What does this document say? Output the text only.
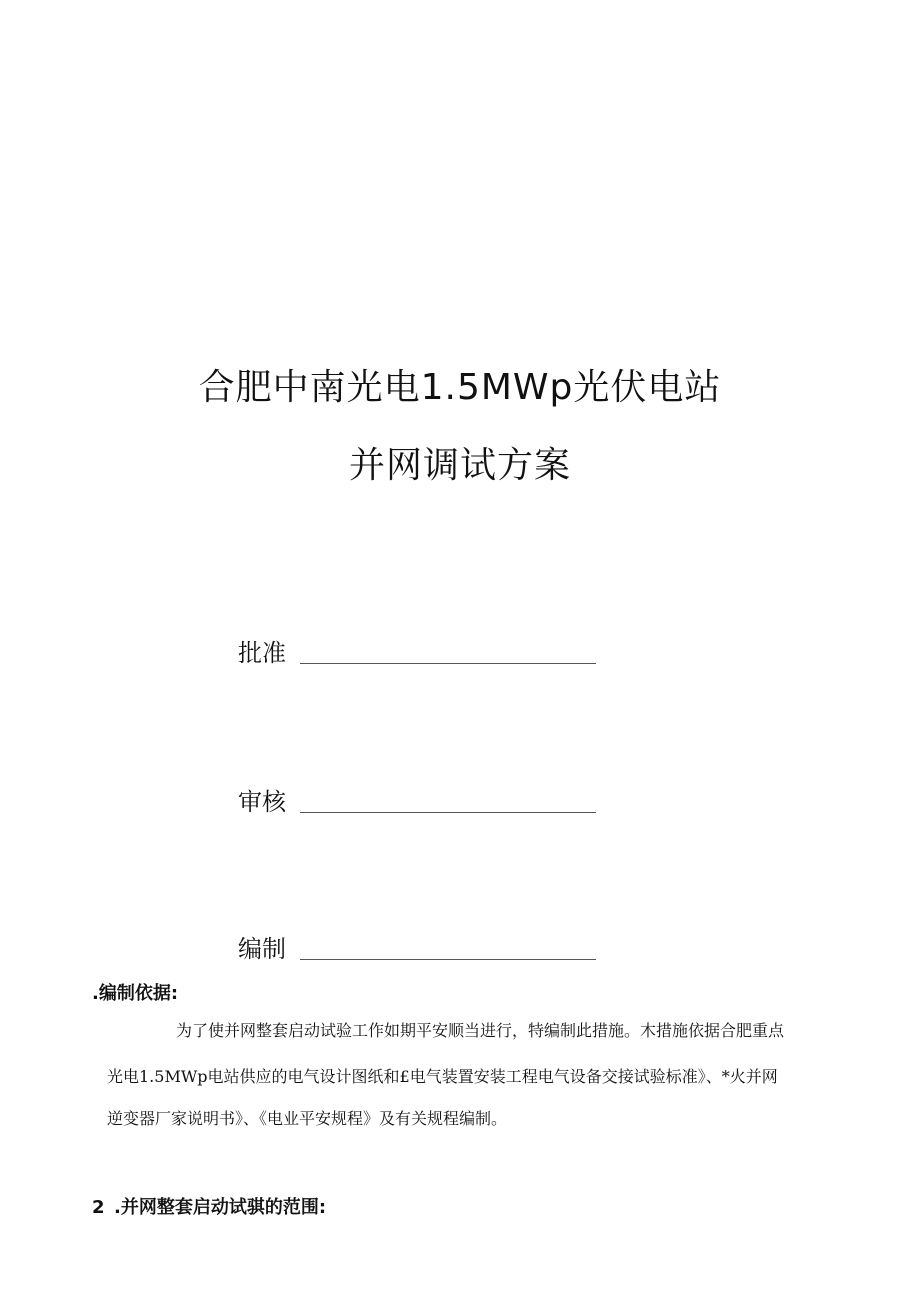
合肥中南光电1.5MWp光伏电站
并网调试方案
批准
审核
编制
.编制依据:
为了使并网整套启动试验工作如期平安顺当进行，特编制此措施。木措施依据合肥重点
光电1.5MWp电站供应的电气设计图纸和£电气装置安装工程电气设备交接试验标准》、*火并网
逆变器厂家说明书》、《电业平安规程》及有关规程编制。
2 .并网整套启动试骐的范围:
